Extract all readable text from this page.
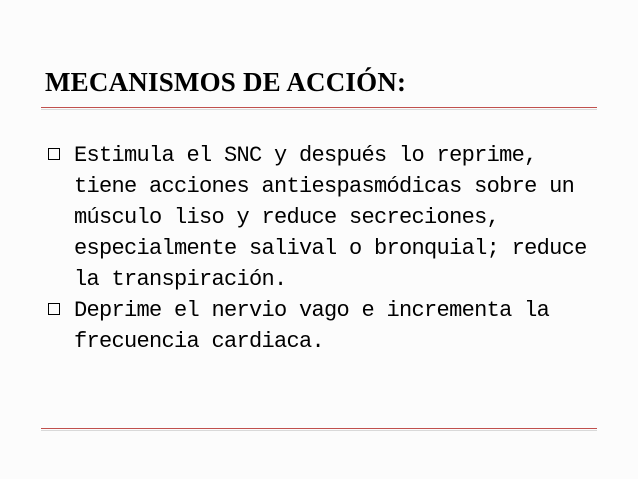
MECANISMOS DE ACCIÓN:
Estimula el SNC y después lo reprime, tiene acciones antiespasmódicas sobre un músculo liso y reduce secreciones, especialmente salival o bronquial; reduce la transpiración.
Deprime el nervio vago e incrementa la frecuencia cardiaca.
